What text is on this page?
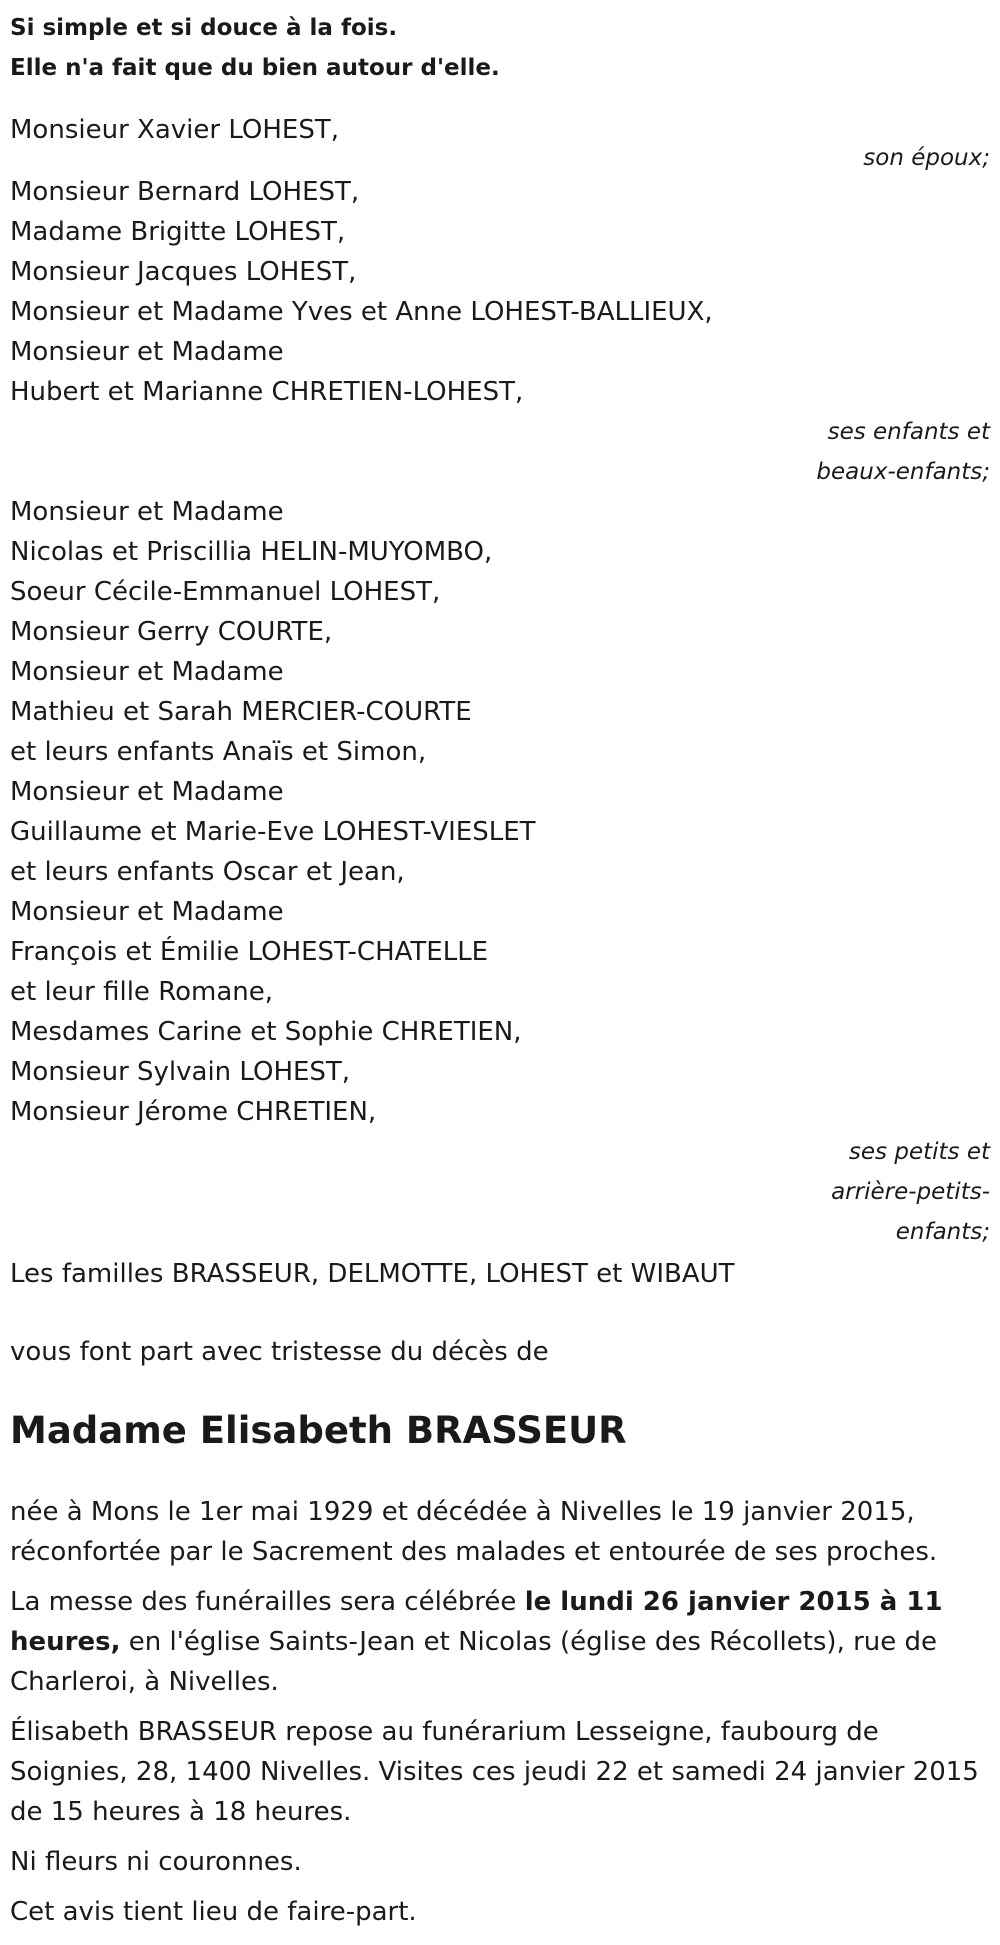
Si simple et si douce à la fois.
Elle n'a fait que du bien autour d'elle.
Monsieur Xavier LOHEST,
son époux;
Monsieur Bernard LOHEST,
Madame Brigitte LOHEST,
Monsieur Jacques LOHEST,
Monsieur et Madame Yves et Anne LOHEST-BALLIEUX,
Monsieur et Madame
Hubert et Marianne CHRETIEN-LOHEST,
ses enfants et
beaux-enfants;
Monsieur et Madame
Nicolas et Priscillia HELIN-MUYOMBO,
Soeur Cécile-Emmanuel LOHEST,
Monsieur Gerry COURTE,
Monsieur et Madame
Mathieu et Sarah MERCIER-COURTE
et leurs enfants Anaïs et Simon,
Monsieur et Madame
Guillaume et Marie-Eve LOHEST-VIESLET
et leurs enfants Oscar et Jean,
Monsieur et Madame
François et Émilie LOHEST-CHATELLE
et leur fille Romane,
Mesdames Carine et Sophie CHRETIEN,
Monsieur Sylvain LOHEST,
Monsieur Jérome CHRETIEN,
ses petits et
arrière-petits-
enfants;
Les familles BRASSEUR, DELMOTTE, LOHEST et WIBAUT
vous font part avec tristesse du décès de
Madame Elisabeth BRASSEUR
née à Mons le 1er mai 1929 et décédée à Nivelles le 19 janvier 2015, réconfortée par le Sacrement des malades et entourée de ses proches.
La messe des funérailles sera célébrée le lundi 26 janvier 2015 à 11 heures, en l'église Saints-Jean et Nicolas (église des Récollets), rue de Charleroi, à Nivelles.
Élisabeth BRASSEUR repose au funérarium Lesseigne, faubourg de Soignies, 28, 1400 Nivelles. Visites ces jeudi 22 et samedi 24 janvier 2015 de 15 heures à 18 heures.
Ni fleurs ni couronnes.
Cet avis tient lieu de faire-part.
